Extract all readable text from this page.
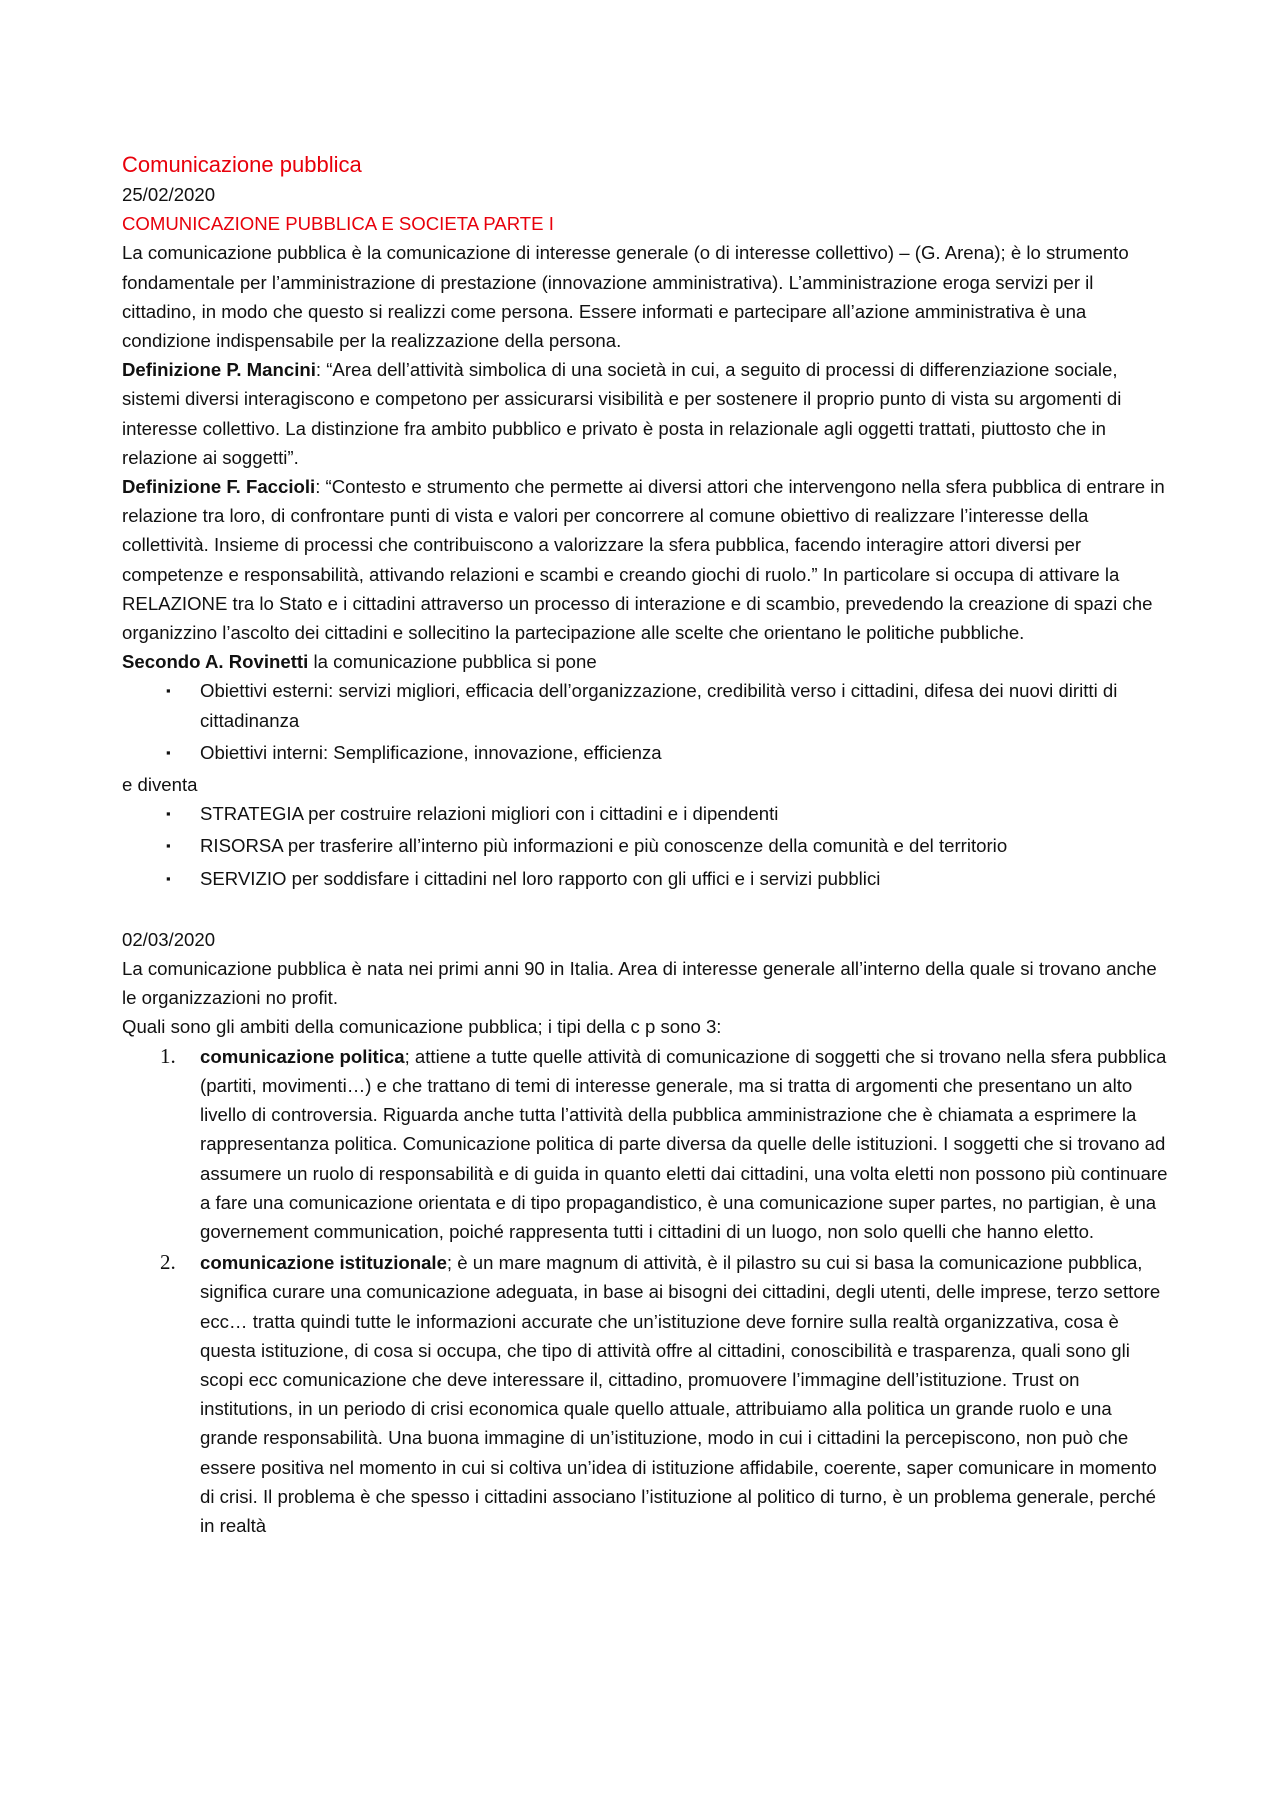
Comunicazione pubblica

25/02/2020

COMUNICAZIONE PUBBLICA E SOCIETA PARTE I

La comunicazione pubblica è la comunicazione di interesse generale (o di interesse collettivo) – (G. Arena); è lo strumento fondamentale per l’amministrazione di prestazione (innovazione amministrativa). L’amministrazione eroga servizi per il cittadino, in modo che questo si realizzi come persona. Essere informati e partecipare all’azione amministrativa è una condizione indispensabile per la realizzazione della persona.

Definizione P. Mancini: “Area dell’attività simbolica di una società in cui, a seguito di processi di differenziazione sociale, sistemi diversi interagiscono e competono per assicurarsi visibilità e per sostenere il proprio punto di vista su argomenti di interesse collettivo. La distinzione fra ambito pubblico e privato è posta in relazionale agli oggetti trattati, piuttosto che in relazione ai soggetti”.

Definizione F. Faccioli: “Contesto e strumento che permette ai diversi attori che intervengono nella sfera pubblica di entrare in relazione tra loro, di confrontare punti di vista e valori per concorrere al comune obiettivo di realizzare l’interesse della collettività. Insieme di processi che contribuiscono a valorizzare la sfera pubblica, facendo interagire attori diversi per competenze e responsabilità, attivando relazioni e scambi e creando giochi di ruolo.” In particolare si occupa di attivare la RELAZIONE tra lo Stato e i cittadini attraverso un processo di interazione e di scambio, prevedendo la creazione di spazi che organizzino l’ascolto dei cittadini e sollecitino la partecipazione alle scelte che orientano le politiche pubbliche.

Secondo A. Rovinetti la comunicazione pubblica si pone

▪ Obiettivi esterni: servizi migliori, efficacia dell’organizzazione, credibilità verso i cittadini, difesa dei nuovi diritti di cittadinanza
▪ Obiettivi interni: Semplificazione, innovazione, efficienza

e diventa

▪ STRATEGIA per costruire relazioni migliori con i cittadini e i dipendenti
▪ RISORSA per trasferire all’interno più informazioni e più conoscenze della comunità e del territorio
▪ SERVIZIO per soddisfare i cittadini nel loro rapporto con gli uffici e i servizi pubblici

02/03/2020

La comunicazione pubblica è nata nei primi anni 90 in Italia. Area di interesse generale all’interno della quale si trovano anche le organizzazioni no profit.

Quali sono gli ambiti della comunicazione pubblica; i tipi della c p sono 3:

1. comunicazione politica; attiene a tutte quelle attività di comunicazione di soggetti che si trovano nella sfera pubblica (partiti, movimenti…) e che trattano di temi di interesse generale, ma si tratta di argomenti che presentano un alto livello di controversia. Riguarda anche tutta l’attività della pubblica amministrazione che è chiamata a esprimere la rappresentanza politica. Comunicazione politica di parte diversa da quelle delle istituzioni. I soggetti che si trovano ad assumere un ruolo di responsabilità e di guida in quanto eletti dai cittadini, una volta eletti non possono più continuare a fare una comunicazione orientata e di tipo propagandistico, è una comunicazione super partes, no partigian, è una governement communication, poiché rappresenta tutti i cittadini di un luogo, non solo quelli che hanno eletto.
2. comunicazione istituzionale; è un mare magnum di attività, è il pilastro su cui si basa la comunicazione pubblica, significa curare una comunicazione adeguata, in base ai bisogni dei cittadini, degli utenti, delle imprese, terzo settore ecc… tratta quindi tutte le informazioni accurate che un’istituzione deve fornire sulla realtà organizzativa, cosa è questa istituzione, di cosa si occupa, che tipo di attività offre al cittadini, conoscibilità e trasparenza, quali sono gli scopi ecc comunicazione che deve interessare il, cittadino, promuovere l’immagine dell’istituzione. Trust on institutions, in un periodo di crisi economica quale quello attuale, attribuiamo alla politica un grande ruolo e una grande responsabilità. Una buona immagine di un’istituzione, modo in cui i cittadini la percepiscono, non può che essere positiva nel momento in cui si coltiva un’idea di istituzione affidabile, coerente, saper comunicare in momento di crisi. Il problema è che spesso i cittadini associano l’istituzione al politico di turno, è un problema generale, perché in realtà
